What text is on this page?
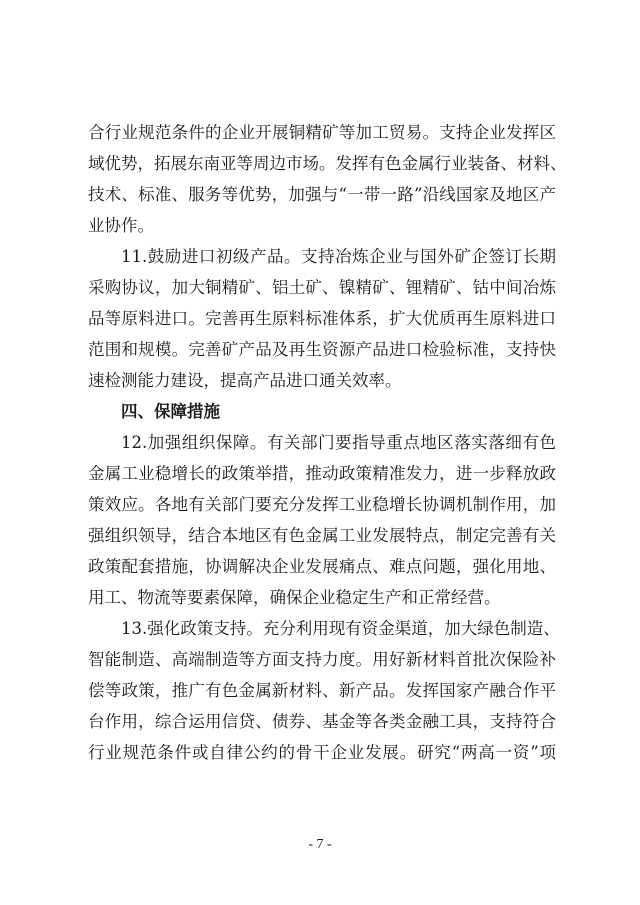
合行业规范条件的企业开展铜精矿等加工贸易。支持企业发挥区
域优势，拓展东南亚等周边市场。发挥有色金属行业装备、材料、
技术、标准、服务等优势，加强与“一带一路”沿线国家及地区产
业协作。
11.鼓励进口初级产品。支持冶炼企业与国外矿企签订长期
采购协议，加大铜精矿、铝土矿、镍精矿、锂精矿、钴中间冶炼
品等原料进口。完善再生原料标准体系，扩大优质再生原料进口
范围和规模。完善矿产品及再生资源产品进口检验标准，支持快
速检测能力建设，提高产品进口通关效率。
四、保障措施
12.加强组织保障。有关部门要指导重点地区落实落细有色
金属工业稳增长的政策举措，推动政策精准发力，进一步释放政
策效应。各地有关部门要充分发挥工业稳增长协调机制作用，加
强组织领导，结合本地区有色金属工业发展特点，制定完善有关
政策配套措施，协调解决企业发展痛点、难点问题，强化用地、
用工、物流等要素保障，确保企业稳定生产和正常经营。
13.强化政策支持。充分利用现有资金渠道，加大绿色制造、
智能制造、高端制造等方面支持力度。用好新材料首批次保险补
偿等政策，推广有色金属新材料、新产品。发挥国家产融合作平
台作用，综合运用信贷、债券、基金等各类金融工具，支持符合
行业规范条件或自律公约的骨干企业发展。研究“两高一资”项
- 7 -
